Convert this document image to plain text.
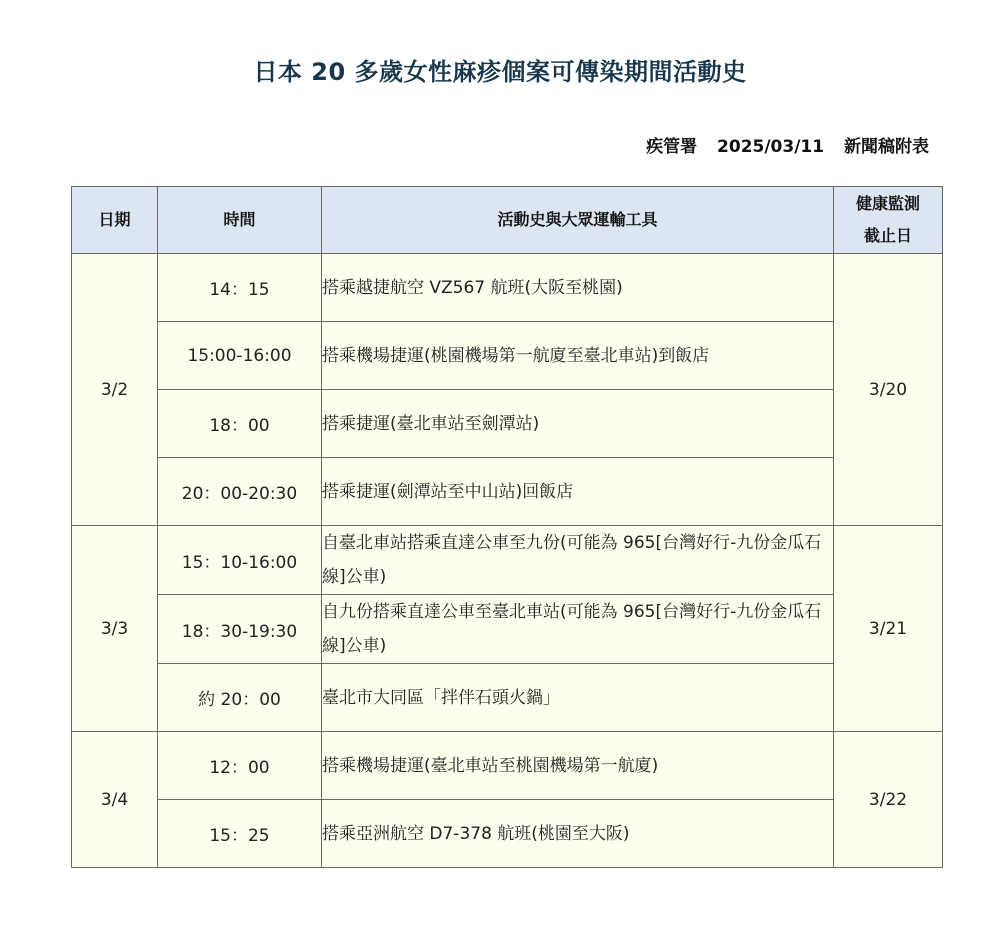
日本 20 多歲女性麻疹個案可傳染期間活動史
疾管署 2025/03/11 新聞稿附表
日期	時間	活動史與大眾運輸工具	健康監測
截止日

3/2	14：15	搭乘越捷航空 VZ567 航班(大阪至桃園)	3/20
	15:00-16:00	搭乘機場捷運(桃園機場第一航廈至臺北車站)到飯店	
	18：00	搭乘捷運(臺北車站至劍潭站)	
	20：00-20:30	搭乘捷運(劍潭站至中山站)回飯店	
3/3	15：10-16:00	自臺北車站搭乘直達公車至九份(可能為 965[台灣好行-九份金瓜石線]公車)	3/21
	18：30-19:30	自九份搭乘直達公車至臺北車站(可能為 965[台灣好行-九份金瓜石線]公車)	
	約 20：00	臺北市大同區「拌伴石頭火鍋」	
3/4	12：00	搭乘機場捷運(臺北車站至桃園機場第一航廈)	3/22
	15：25	搭乘亞洲航空 D7-378 航班(桃園至大阪)	
